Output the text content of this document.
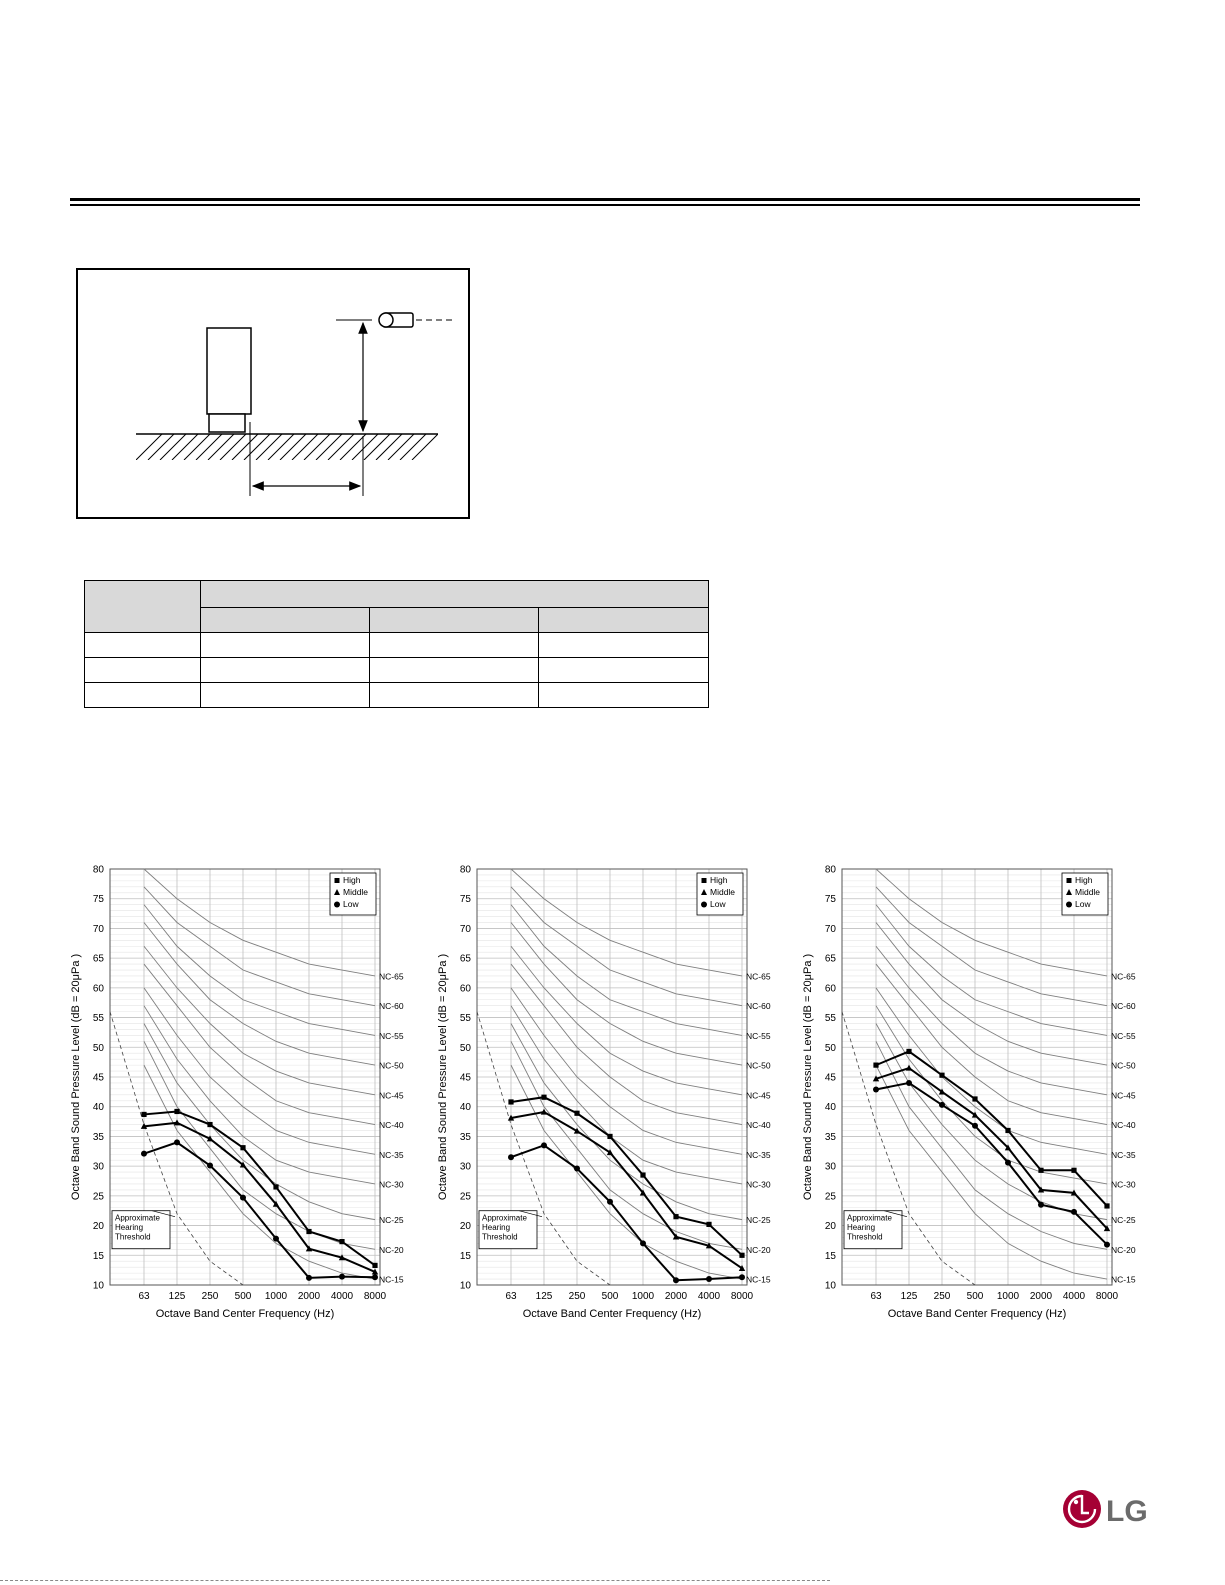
10
15
20
25
30
35
40
45
50
55
60
65
70
75
80
63 125 250 500 1000 2000 4000 8000
NC-65
NC-60
NC-55
NC-50
NC-45
NC-40
NC-35
NC-30
NC-25
NC-20
NC-15
Approximate
Hearing
Threshold
High
Middle
Low
Octave Band Center Frequency (Hz)
Octave Band Sound Pressure Level (dB = 20μPa )
10
15
20
25
30
35
40
45
50
55
60
65
70
75
80
63 125 250 500 1000 2000 4000 8000
NC-65
NC-60
NC-55
NC-50
NC-45
NC-40
NC-35
NC-30
NC-25
NC-20
NC-15
Approximate
Hearing
Threshold
High
Middle
Low
Octave Band Center Frequency (Hz)
Octave Band Sound Pressure Level (dB = 20μPa )
10
15
20
25
30
35
40
45
50
55
60
65
70
75
80
63 125 250 500 1000 2000 4000 8000
NC-65
NC-60
NC-55
NC-50
NC-45
NC-40
NC-35
NC-30
NC-25
NC-20
NC-15
Approximate
Hearing
Threshold
High
Middle
Low
Octave Band Center Frequency (Hz)
Octave Band Sound Pressure Level (dB = 20μPa )
LG
